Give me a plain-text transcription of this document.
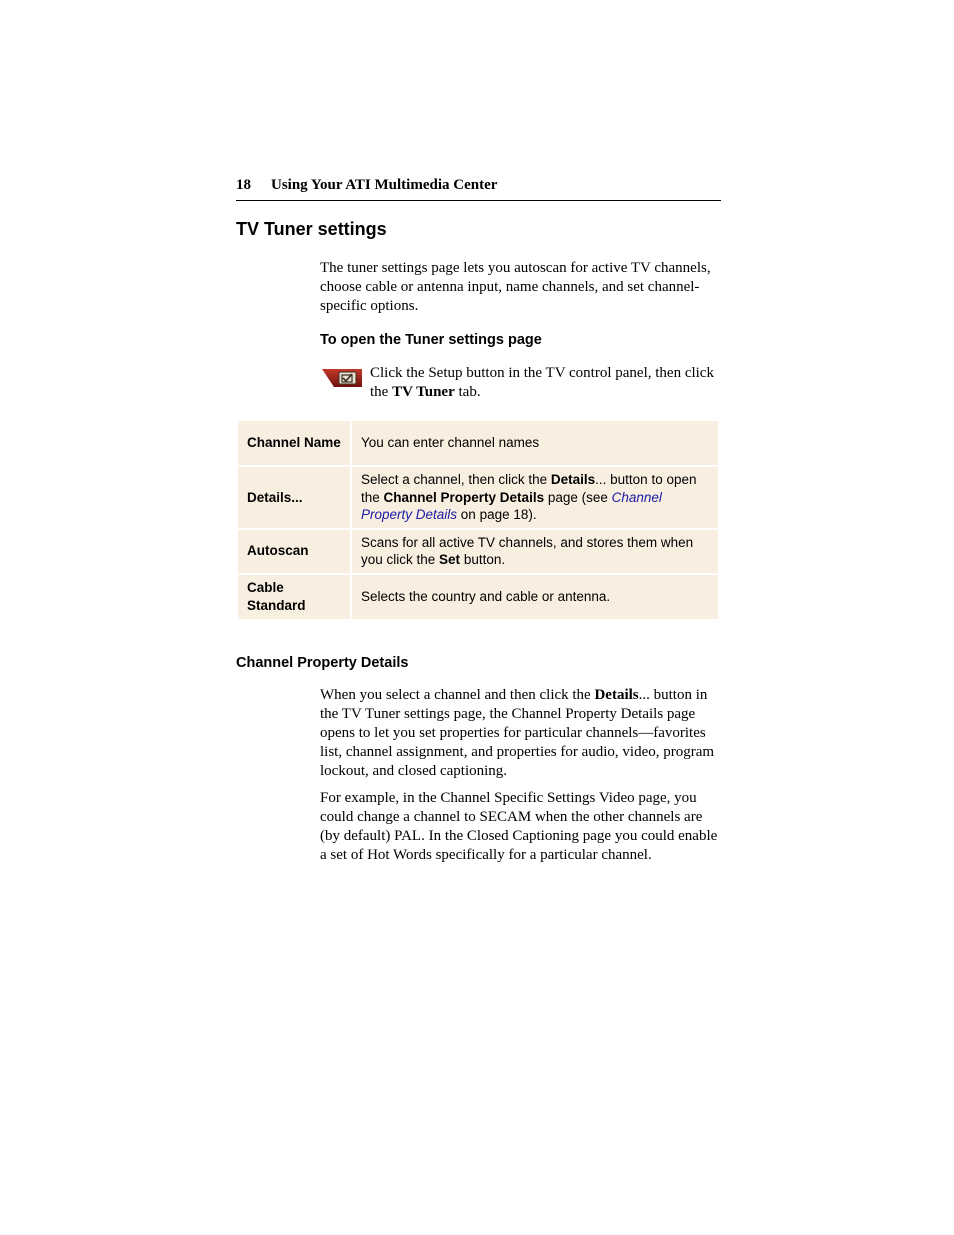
18 Using Your ATI Multimedia Center
TV Tuner settings

The tuner settings page lets you autoscan for active TV channels, choose cable or antenna input, name channels, and set channel-specific options.

To open the Tuner settings page

Click the Setup button in the TV control panel, then click the TV Tuner tab.

Channel Name	You can enter channel names
Details...	Select a channel, then click the Details... button to open the Channel Property Details page (see Channel Property Details on page 18).
Autoscan	Scans for all active TV channels, and stores them when you click the Set button.
Cable Standard	Selects the country and cable or antenna.
Channel Property Details

When you select a channel and then click the Details... button in the TV Tuner settings page, the Channel Property Details page opens to let you set properties for particular channels—favorites list, channel assignment, and properties for audio, video, program lockout, and closed captioning.

For example, in the Channel Specific Settings Video page, you could change a channel to SECAM when the other channels are (by default) PAL. In the Closed Captioning page you could enable a set of Hot Words specifically for a particular channel.
